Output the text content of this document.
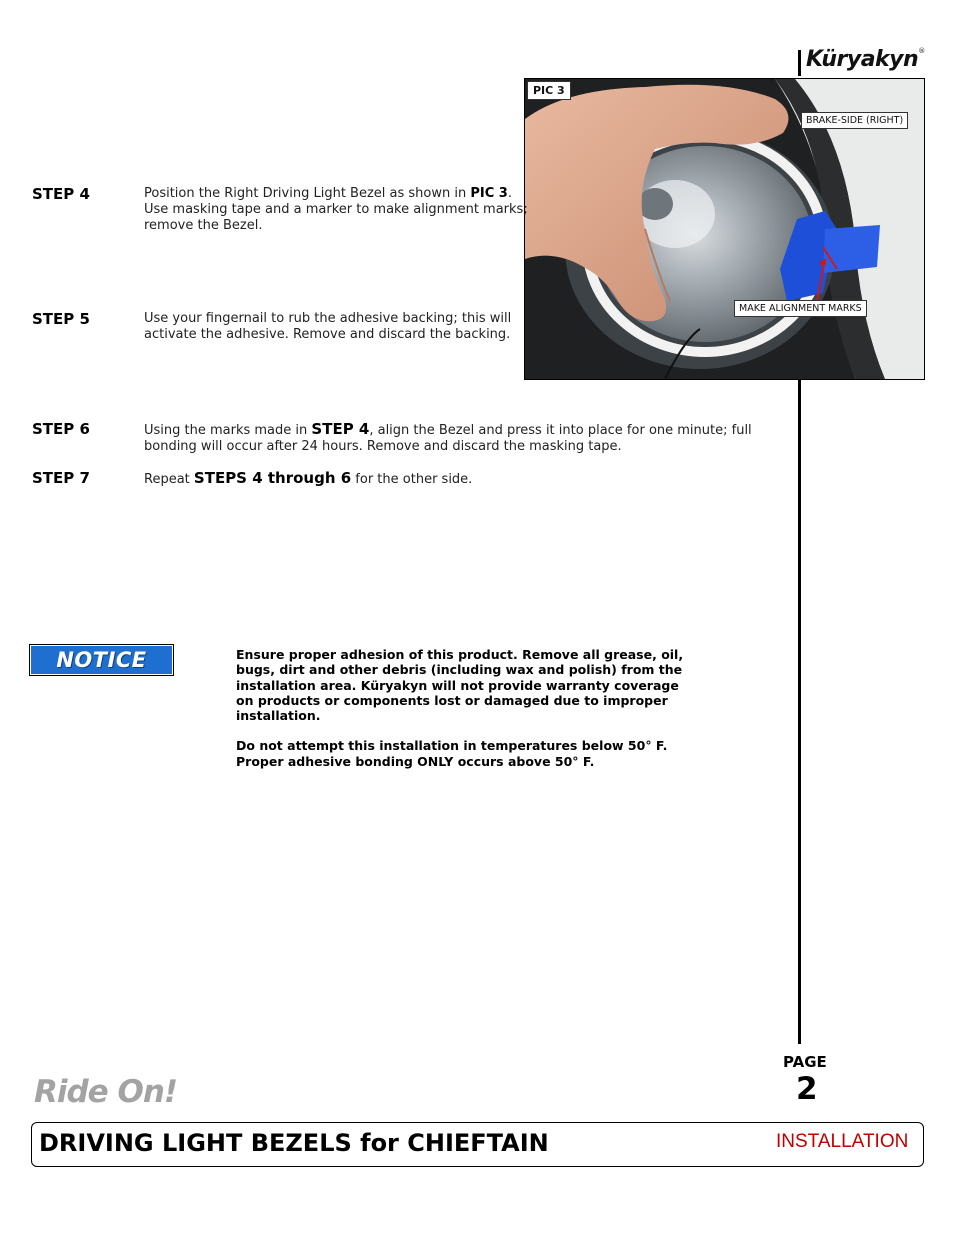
Küryakyn®
PIC 3
BRAKE-SIDE (RIGHT)
MAKE ALIGNMENT MARKS
STEP 4	Position the Right Driving Light Bezel as shown in PIC 3.
Use masking tape and a marker to make alignment marks;
remove the Bezel.
STEP 5	Use your fingernail to rub the adhesive backing; this will
activate the adhesive. Remove and discard the backing.
STEP 6	Using the marks made in STEP 4, align the Bezel and press it into place for one minute; full
bonding will occur after 24 hours. Remove and discard the masking tape.
STEP 7	Repeat STEPS 4 through 6 for the other side.
NOTICE	Ensure proper adhesion of this product. Remove all grease, oil, bugs, dirt and other debris (including wax and polish) from the installation area. Küryakyn will not provide warranty coverage on products or components lost or damaged due to improper installation.

Do not attempt this installation in temperatures below 50° F. Proper adhesive bonding ONLY occurs above 50° F.

PAGE
2
Ride On!
DRIVING LIGHT BEZELS for CHIEFTAIN	INSTALLATION
